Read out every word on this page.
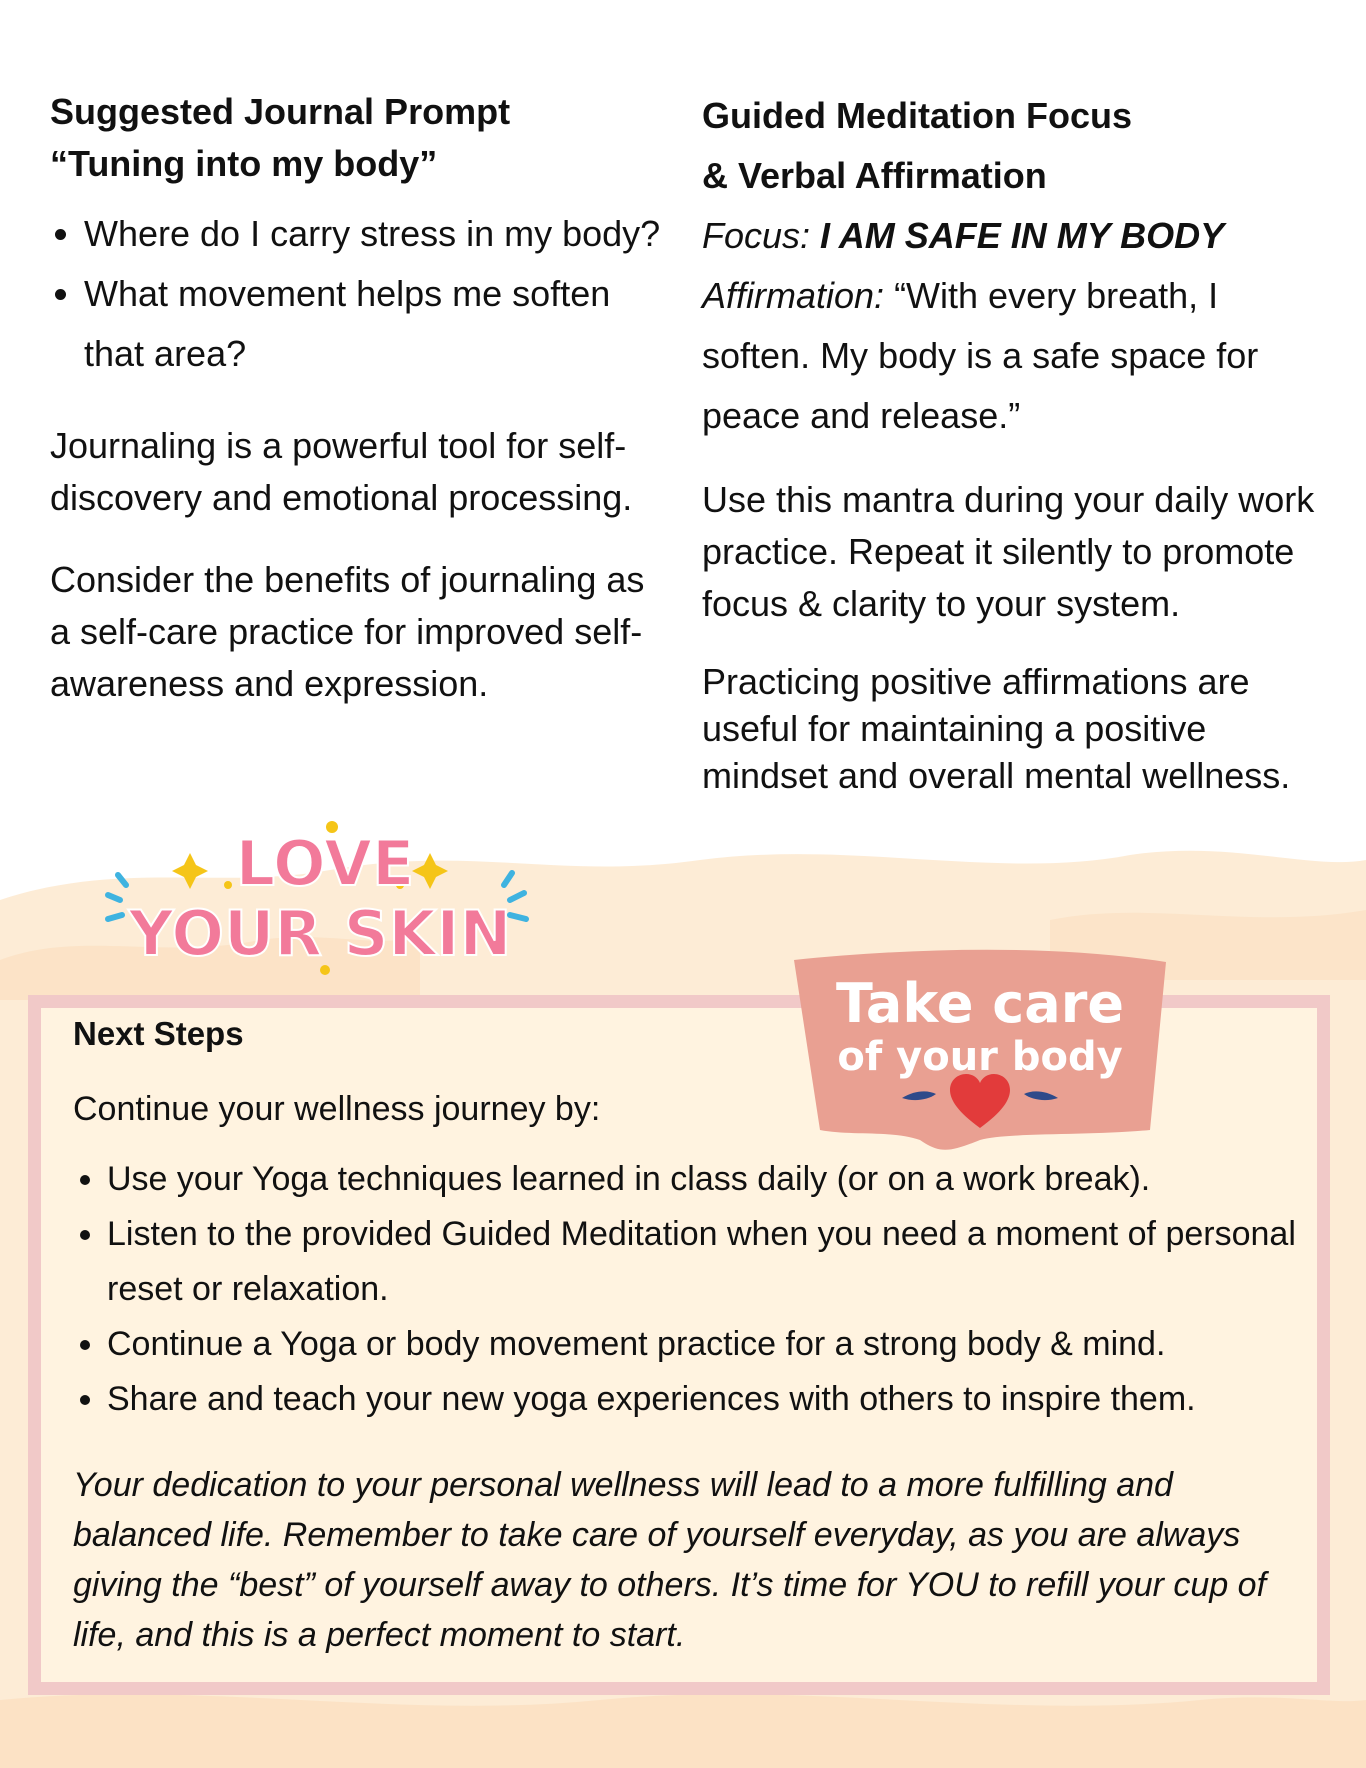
Suggested Journal Prompt
“Tuning into my body”
• Where do I carry stress in my body?
• What movement helps me soften that area?

Journaling is a powerful tool for self-discovery and emotional processing.

Consider the benefits of journaling as a self-care practice for improved self-awareness and expression.

Guided Meditation Focus
& Verbal Affirmation

Focus: I AM SAFE IN MY BODY

Affirmation: “With every breath, I soften. My body is a safe space for peace and release.”

Use this mantra during your daily work practice. Repeat it silently to promote focus & clarity to your system.

Practicing positive affirmations are useful for maintaining a positive mindset and overall mental wellness.

LOVE
YOUR SKIN
Next Steps
Continue your wellness journey by:
• Use your Yoga techniques learned in class daily (or on a work break).
• Listen to the provided Guided Meditation when you need a moment of personal reset or relaxation.
• Continue a Yoga or body movement practice for a strong body & mind.
• Share and teach your new yoga experiences with others to inspire them.

Your dedication to your personal wellness will lead to a more fulfilling and balanced life. Remember to take care of yourself everyday, as you are always giving the “best” of yourself away to others. It’s time for YOU to refill your cup of life, and this is a perfect moment to start.

Take care
of your body
